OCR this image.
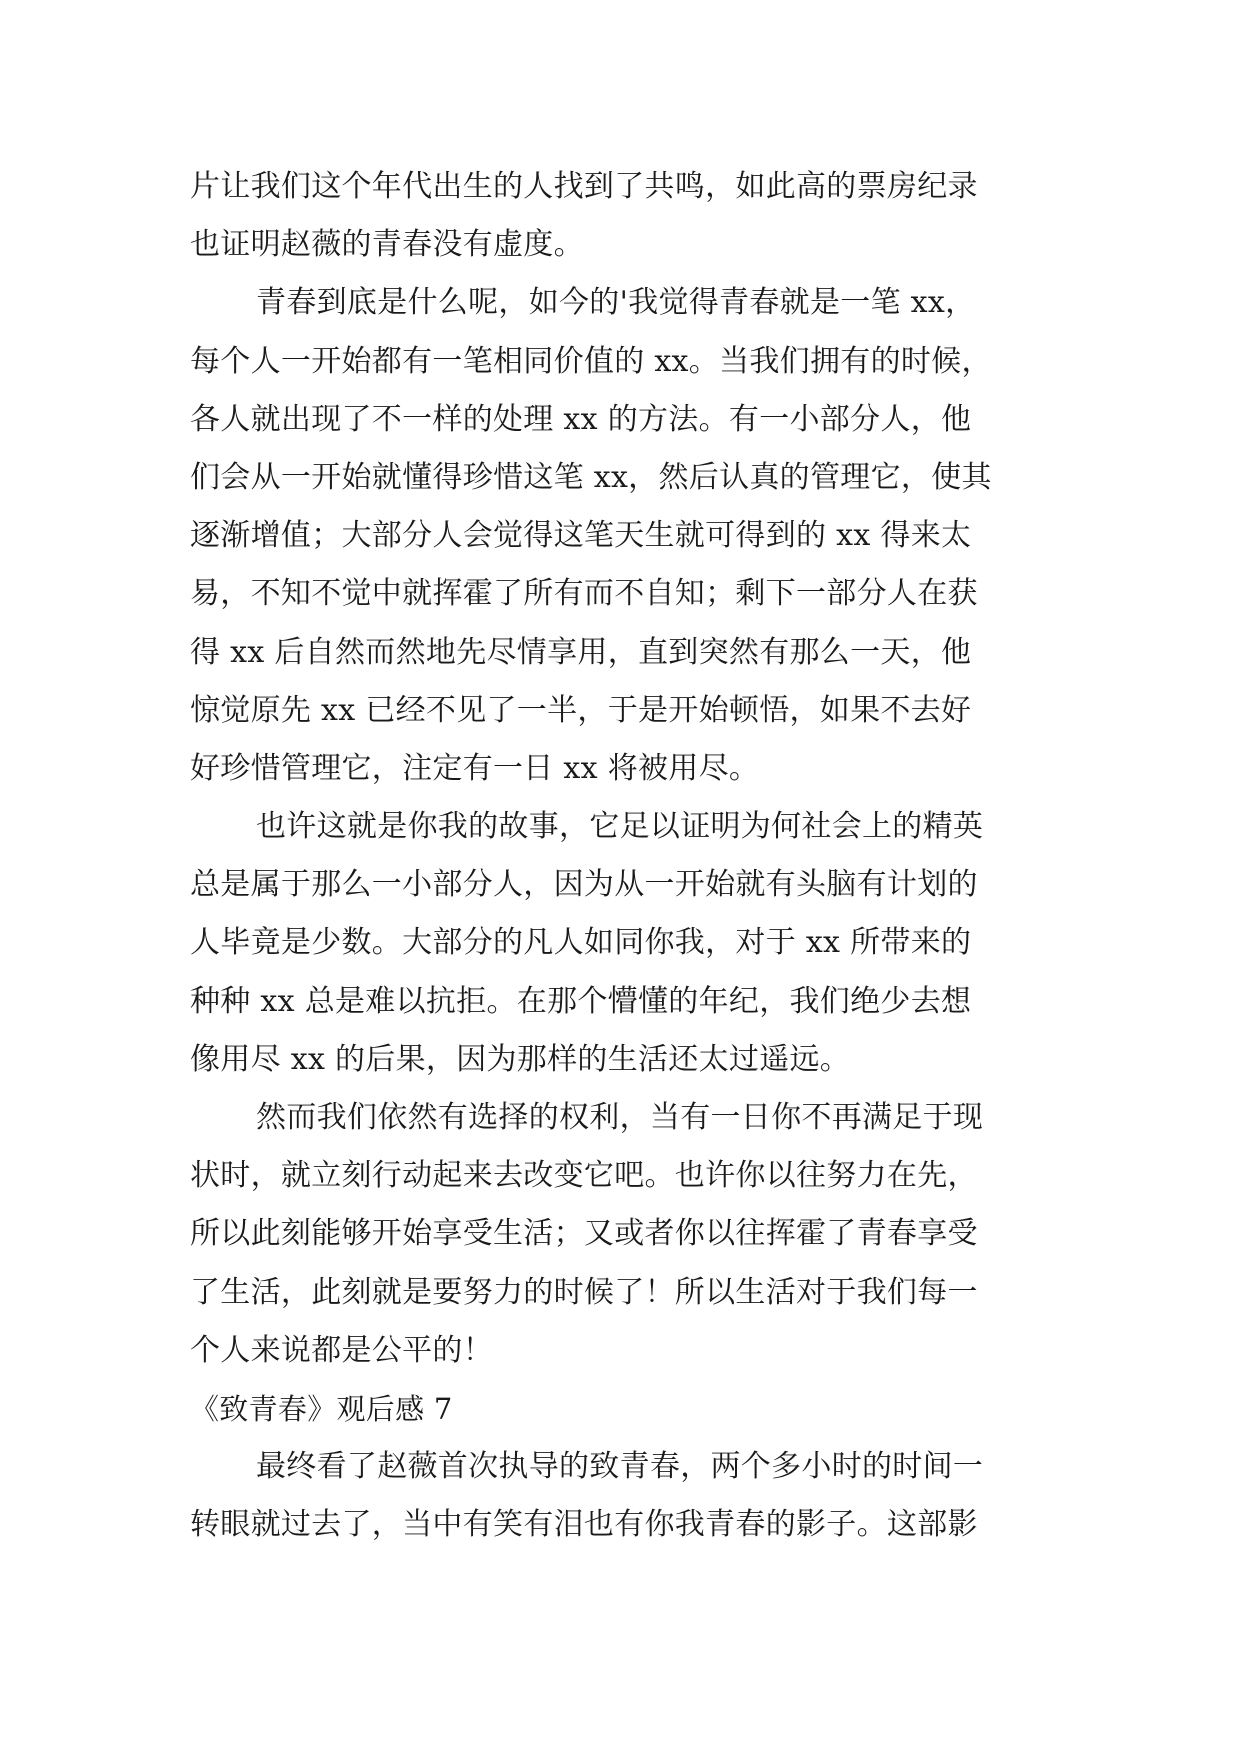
片让我们这个年代出生的人找到了共鸣，如此高的票房纪录
也证明赵薇的青春没有虚度。
青春到底是什么呢，如今的'我觉得青春就是一笔 xx，
每个人一开始都有一笔相同价值的 xx。当我们拥有的时候，
各人就出现了不一样的处理 xx 的方法。有一小部分人，他
们会从一开始就懂得珍惜这笔 xx，然后认真的管理它，使其
逐渐增值；大部分人会觉得这笔天生就可得到的 xx 得来太
易，不知不觉中就挥霍了所有而不自知；剩下一部分人在获
得 xx 后自然而然地先尽情享用，直到突然有那么一天，他
惊觉原先 xx 已经不见了一半，于是开始顿悟，如果不去好
好珍惜管理它，注定有一日 xx 将被用尽。
也许这就是你我的故事，它足以证明为何社会上的精英
总是属于那么一小部分人，因为从一开始就有头脑有计划的
人毕竟是少数。大部分的凡人如同你我，对于 xx 所带来的
种种 xx 总是难以抗拒。在那个懵懂的年纪，我们绝少去想
像用尽 xx 的后果，因为那样的生活还太过遥远。
然而我们依然有选择的权利，当有一日你不再满足于现
状时，就立刻行动起来去改变它吧。也许你以往努力在先，
所以此刻能够开始享受生活；又或者你以往挥霍了青春享受
了生活，此刻就是要努力的时候了！所以生活对于我们每一
个人来说都是公平的！
《致青春》观后感 7
最终看了赵薇首次执导的致青春，两个多小时的时间一
转眼就过去了，当中有笑有泪也有你我青春的影子。这部影
